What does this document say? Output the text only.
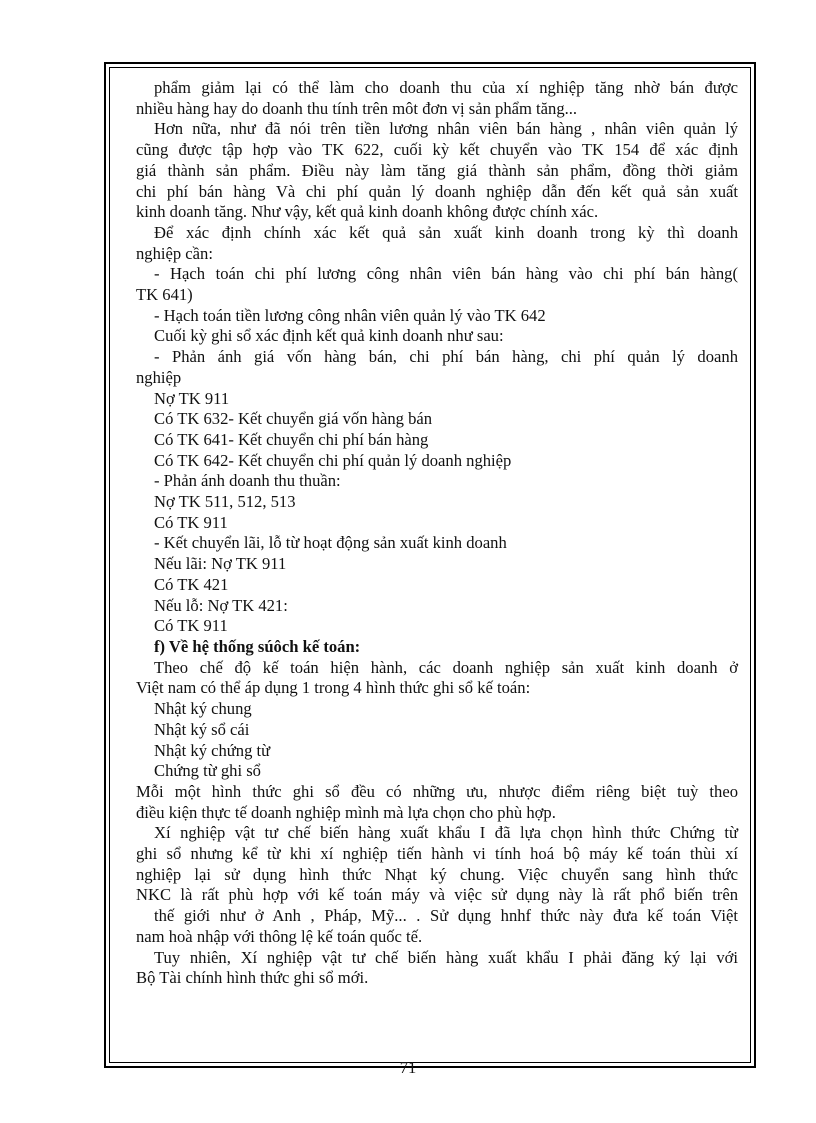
phẩm giảm lại có thể làm cho doanh thu của xí nghiệp tăng nhờ bán được

nhiều hàng hay do doanh thu tính trên môt đơn vị sản phẩm tăng...

Hơn nữa, như đã nói trên tiền lương nhân viên bán hàng , nhân viên quản lý

cũng được tập hợp vào TK 622, cuối kỳ kết chuyển vào TK 154 để xác định

giá thành sản phẩm. Điều này làm tăng giá thành sản phẩm, đồng thời giảm

chi phí bán hàng Và chi phí quản lý doanh nghiệp dẫn đến kết quả sản xuất

kinh doanh tăng. Như vậy, kết quả kinh doanh không được chính xác.

Để xác định chính xác kết quả sản xuất kinh doanh trong kỳ thì doanh

nghiệp cần:

- Hạch toán chi phí lương công nhân viên bán hàng vào chi phí bán hàng(

TK 641)

- Hạch toán tiền lương công nhân viên quản lý vào TK 642

Cuối kỳ ghi sổ xác định kết quả kinh doanh như sau:

- Phản ánh giá vốn hàng bán, chi phí bán hàng, chi phí quản lý doanh

nghiệp

Nợ TK 911

Có TK 632- Kết chuyển giá vốn hàng bán

Có TK 641- Kết chuyển chi phí bán hàng

Có TK 642- Kết chuyển chi phí quản lý doanh nghiệp

- Phản ánh doanh thu thuần:

Nợ TK 511, 512, 513

Có TK 911

- Kết chuyển lãi, lỗ từ hoạt động sản xuất kinh doanh

Nếu lãi: Nợ TK 911

Có TK 421

Nếu lỗ: Nợ TK 421:

Có TK 911

f) Về hệ thống súôch kế toán:

Theo chế độ kế toán hiện hành, các doanh nghiệp sản xuất kinh doanh ở

Việt nam có thể áp dụng 1 trong 4 hình thức ghi sổ kế toán:

Nhật ký chung

Nhật ký sổ cái

Nhật ký chứng từ

Chứng từ ghi sổ

Mỗi một hình thức ghi sổ đều có những ưu, nhược điểm riêng biệt tuỳ theo

điều kiện thực tế doanh nghiệp mình mà lựa chọn cho phù hợp.

Xí nghiệp vật tư chế biến hàng xuất khẩu I đã lựa chọn hình thức Chứng từ

ghi sổ nhưng kể từ khi xí nghiệp tiến hành vi tính hoá bộ máy kế toán thùi xí

nghiệp lại sử dụng hình thức Nhạt ký chung. Việc chuyển sang hình thức

NKC là rất phù hợp với kế toán máy và việc sử dụng này là rất phổ biến trên

thế giới như ở Anh , Pháp, Mỹ... . Sử dụng hnhf thức này đưa kế toán Việt

nam hoà nhập với thông lệ kế toán quốc tế.

Tuy nhiên, Xí nghiệp vật tư chế biến hàng xuất khẩu I phải đăng ký lại với

Bộ Tài chính hình thức ghi sổ mới.

71
